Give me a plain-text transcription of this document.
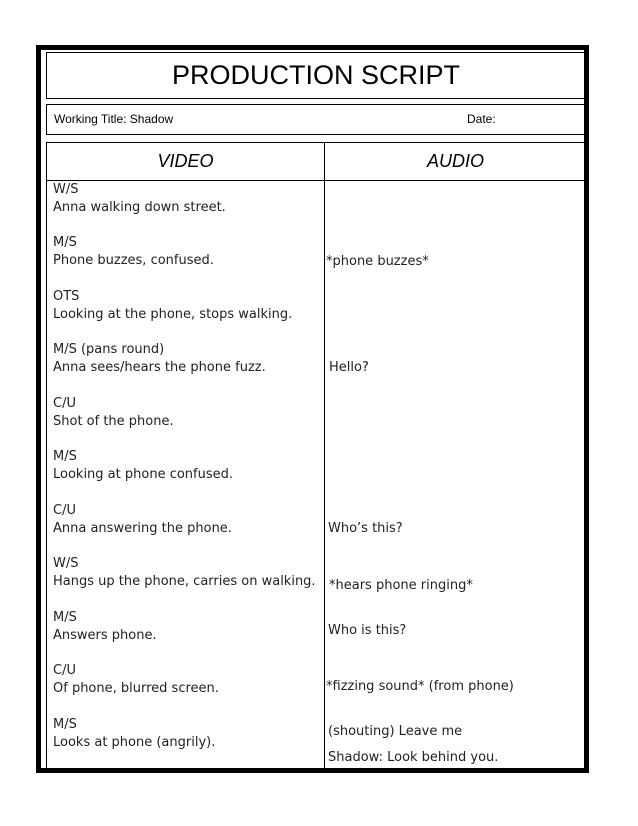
PRODUCTION SCRIPT
Working Title: Shadow	Date:
VIDEO	AUDIO
W/S
Anna walking down street.
M/S
Phone buzzes, confused.
OTS
Looking at the phone, stops walking.
M/S (pans round)
Anna sees/hears the phone fuzz.
C/U
Shot of the phone.
M/S
Looking at phone confused.
C/U
Anna answering the phone.
W/S
Hangs up the phone, carries on walking.
M/S
Answers phone.
C/U
Of phone, blurred screen.
M/S
Looks at phone (angrily).
*phone buzzes*
Hello?
Who’s this?
*hears phone ringing*
Who is this?
*fizzing sound* (from phone)
(shouting) Leave me
Shadow: Look behind you.
